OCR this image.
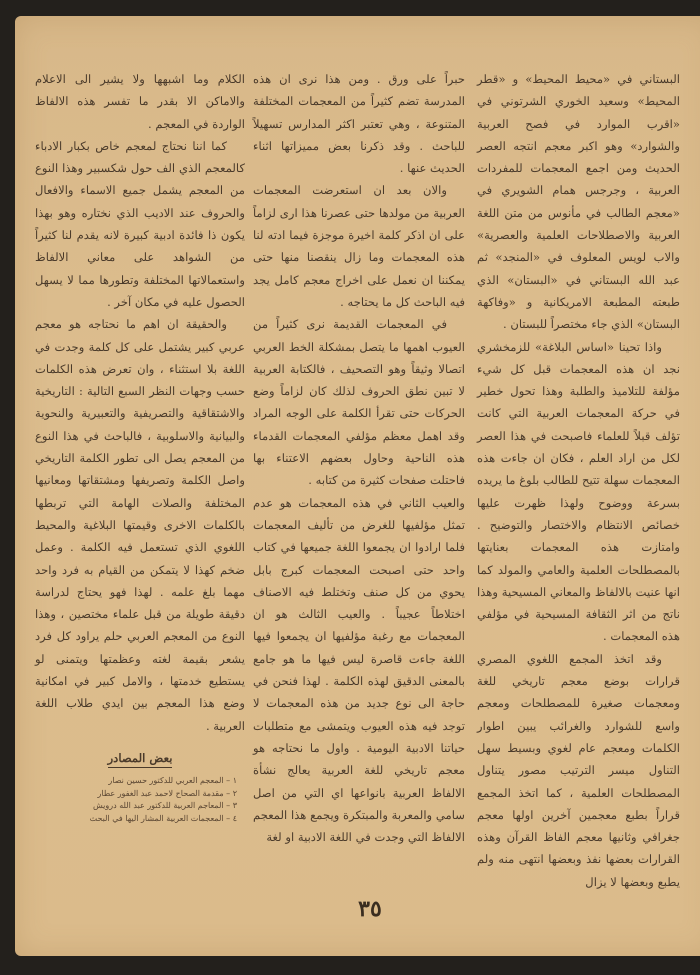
البستاني في «محيط المحيط» و «قطر المحيط» وسعيد الخوري الشرتوني في «اقرب الموارد في فصح العربية والشوارد» وهو اكبر معجم انتجه العصر الحديث ومن اجمع المعجمات للمفردات العربية ، وجرجس همام الشويري في «معجم الطالب في مأنوس من متن اللغة العربية والاصطلاحات العلمية والعصرية» والاب لويس المعلوف في «المنجد» ثم عبد الله البستاني في «البستان» الذي طبعته المطبعة الامريكانية و «وفاكهة البستان» الذي جاء مختصراً للبستان .

واذا تحينا «اساس البلاغة» للزمخشري نجد ان هذه المعجمات قبل كل شيء مؤلفة للتلاميذ والطلبة وهذا تحول خطير في حركة المعجمات العربية التي كانت تؤلف قبلاً للعلماء فاصبحت في هذا العصر لكل من اراد العلم ، فكان ان جاءت هذه المعجمات سهلة تتيح للطالب بلوغ ما يريده بسرعة ووضوح ولهذا ظهرت عليها خصائص الانتظام والاختصار والتوضيح . وامتازت هذه المعجمات بعنايتها بالمصطلحات العلمية والعامي والمولد كما انها عنيت بالالفاظ والمعاني المسيحية وهذا ناتج من اثر الثقافة المسيحية في مؤلفي هذه المعجمات .

وقد اتخذ المجمع اللغوي المصري قرارات بوضع معجم تاريخي للغة ومعجمات صغيرة للمصطلحات ومعجم واسع للشوارد والغرائب يبين اطوار الكلمات ومعجم عام لغوي وبسيط سهل التناول ميسر الترتيب مصور يتناول المصطلحات العلمية ، كما اتخذ المجمع قراراً بطبع معجمين آخرين اولها معجم جغرافي وثانيها معجم الفاظ القرآن وهذه القرارات بعضها نفذ وبعضها انتهى منه ولم يطبع وبعضها لا يزال

حبراً على ورق . ومن هذا نرى ان هذه المدرسة تضم كثيراً من المعجمات المختلفة المتنوعة ، وهي تعتبر اكثر المدارس تسهيلاً للباحث . وقد ذكرنا بعض مميزاتها اثناء الحديث عنها .

والان بعد ان استعرضت المعجمات العربية من مولدها حتى عصرنا هذا ارى لزاماً على ان اذكر كلمة اخيرة موجزة فيما ادته لنا هذه المعجمات وما زال ينقصنا منها حتى يمكننا ان نعمل على اخراج معجم كامل يجد فيه الباحث كل ما يحتاجه .

في المعجمات القديمة نرى كثيراً من العيوب اهمها ما يتصل بمشكلة الخط العربي اتصالا وثيقاً وهو التصحيف ، فالكتابة العربية لا تبين نطق الحروف لذلك كان لزاماً وضع الحركات حتى تقرأ الكلمة على الوجه المراد وقد اهمل معظم مؤلفي المعجمات القدماء هذه الناحية وحاول بعضهم الاعتناء بها فاحتلت صفحات كثيرة من كتابه .

والعيب الثاني في هذه المعجمات هو عدم تمثل مؤلفيها للغرض من تأليف المعجمات فلما ارادوا ان يجمعوا اللغة جميعها في كتاب واحد حتى اصبحت المعجمات كبرج بابل يحوي من كل صنف وتختلط فيه الاصناف اختلاطاً عجيباً . والعيب الثالث هو ان المعجمات مع رغبة مؤلفيها ان يجمعوا فيها اللغة جاءت قاصرة ليس فيها ما هو جامع بالمعنى الدقيق لهذه الكلمة . لهذا فنحن في حاجة الى نوع جديد من هذه المعجمات لا توجد فيه هذه العيوب ويتمشى مع متطلبات حياتنا الادبية اليومية . واول ما نحتاجه هو معجم تاريخي للغة العربية يعالج نشأة الالفاظ العربية بانواعها اي التي من اصل سامي والمعربة والمبتكرة ويجمع هذا المعجم الالفاظ التي وجدت في اللغة الادبية او لغة

الكلام وما اشبهها ولا يشير الى الاعلام والاماكن الا بقدر ما تفسر هذه الالفاظ الواردة في المعجم .

كما اننا نحتاج لمعجم خاص بكبار الادباء كالمعجم الذي الف حول شكسبير وهذا النوع من المعجم يشمل جميع الاسماء والافعال والحروف عند الاديب الذي نختاره وهو بهذا يكون ذا فائدة ادبية كبيرة لانه يقدم لنا كثيراً من الشواهد على معاني الالفاظ واستعمالاتها المختلفة وتطورها مما لا يسهل الحصول عليه في مكان آخر .

والحقيقة ان اهم ما نحتاجه هو معجم عربي كبير يشتمل على كل كلمة وجدت في اللغة بلا استثناء ، وان تعرض هذه الكلمات حسب وجهات النظر السبع التالية : التاريخية والاشتقاقية والتصريفية والتعبيرية والنحوية والبيانية والاسلوبية ، فالباحث في هذا النوع من المعجم يصل الى تطور الكلمة التاريخي واصل الكلمة وتصريفها ومشتقاتها ومعانيها المختلفة والصلات الهامة التي تربطها بالكلمات الاخرى وقيمتها البلاغية والمحيط اللغوي الذي تستعمل فيه الكلمة . وعمل ضخم كهذا لا يتمكن من القيام به فرد واحد مهما بلغ علمه . لهذا فهو يحتاج لدراسة دقيقة طويلة من قبل علماء مختصين ، وهذا النوع من المعجم العربي حلم يراود كل فرد يشعر بقيمة لغته وعظمتها ويتمنى لو يستطيع خدمتها ، والامل كبير في امكانية وضع هذا المعجم بين ايدي طلاب اللغة العربية .

بعض المصادر
١ – المعجم العربي للدكتور حسين نصار
٢ – مقدمة الصحاح لاحمد عبد الغفور عطار
٣ – المعاجم العربية للدكتور عبد الله درويش
٤ – المعجمات العربية المشار اليها في البحث
٣٥
